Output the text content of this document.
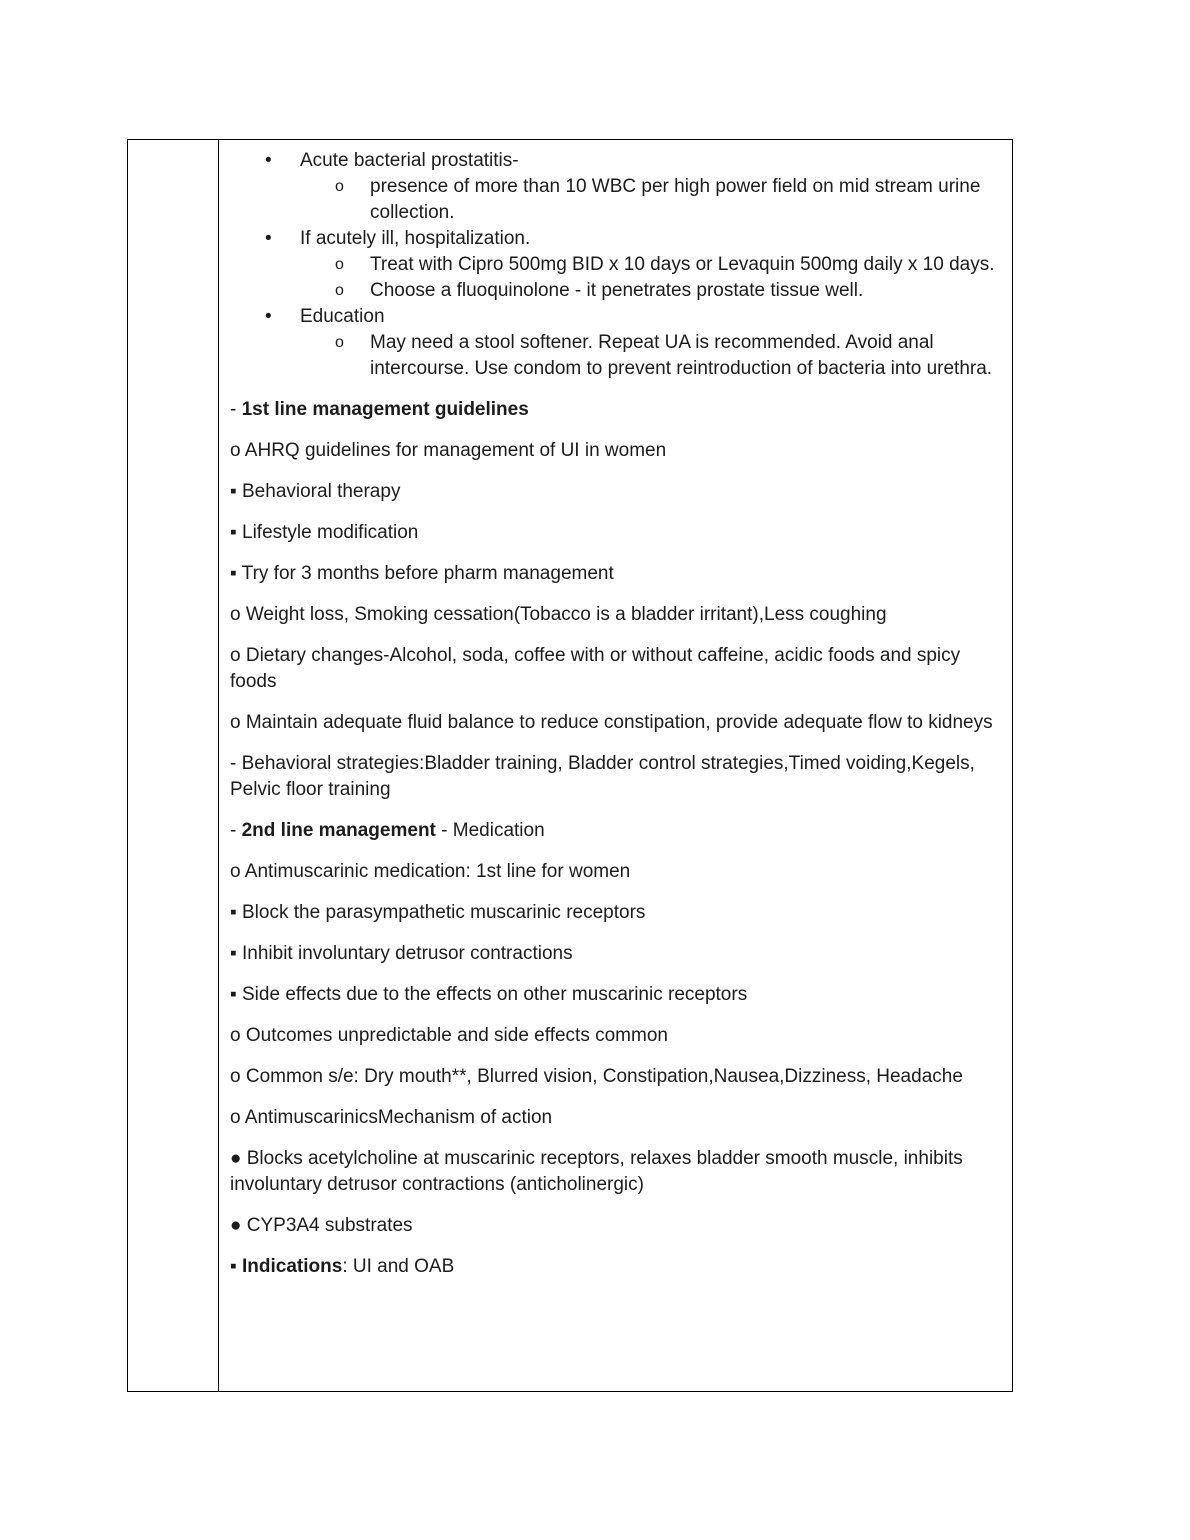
•	Acute bacterial prostatitis-
o	presence of more than 10 WBC per high power field on mid stream urine collection.
•	If acutely ill, hospitalization.
o	Treat with Cipro 500mg BID x 10 days or Levaquin 500mg daily x 10 days.
o	Choose a fluoquinolone - it penetrates prostate tissue well.
•	Education
o	May need a stool softener. Repeat UA is recommended. Avoid anal intercourse. Use condom to prevent reintroduction of bacteria into urethra.

- 1st line management guidelines

o AHRQ guidelines for management of UI in women

▪ Behavioral therapy

▪ Lifestyle modification

▪ Try for 3 months before pharm management

o Weight loss, Smoking cessation(Tobacco is a bladder irritant),Less coughing

o Dietary changes-Alcohol, soda, coffee with or without caffeine, acidic foods and spicy foods

o Maintain adequate fluid balance to reduce constipation, provide adequate flow to kidneys

- Behavioral strategies:Bladder training, Bladder control strategies,Timed voiding,Kegels, Pelvic floor training

- 2nd line management - Medication

o Antimuscarinic medication: 1st line for women

▪ Block the parasympathetic muscarinic receptors

▪ Inhibit involuntary detrusor contractions

▪ Side effects due to the effects on other muscarinic receptors

o Outcomes unpredictable and side effects common

o Common s/e: Dry mouth**, Blurred vision, Constipation,Nausea,Dizziness, Headache

o AntimuscarinicsMechanism of action

● Blocks acetylcholine at muscarinic receptors, relaxes bladder smooth muscle, inhibits involuntary detrusor contractions (anticholinergic)

● CYP3A4 substrates

▪ Indications: UI and OAB
